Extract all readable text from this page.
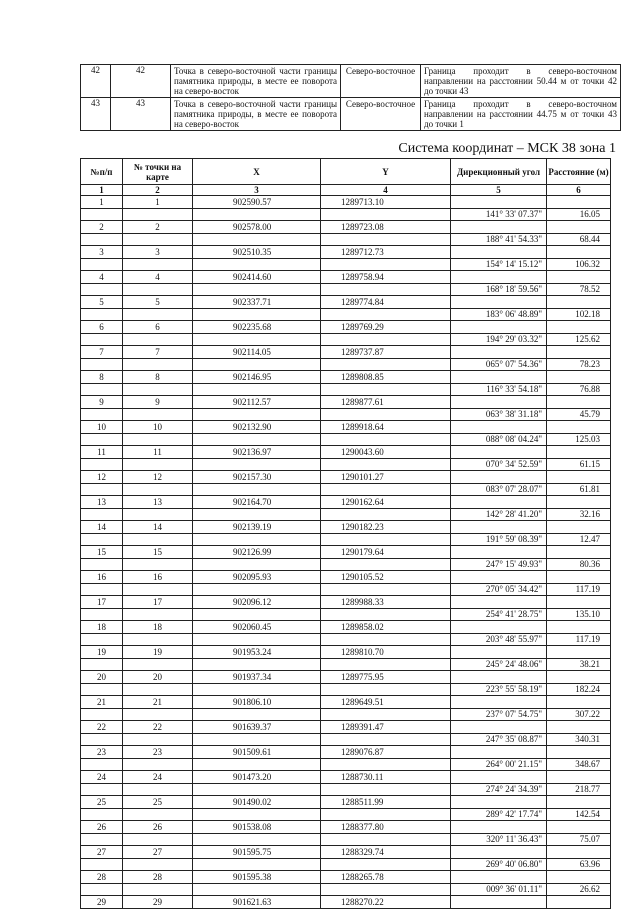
42	42	Точка в северо-восточной части границы памятника природы, в месте ее поворота на северо-восток	Северо-восточное	Граница проходит в северо-восточном направлении на расстоянии 50.44 м от точки 42 до точки 43
43	43	Точка в северо-восточной части границы памятника природы, в месте ее поворота на северо-восток	Северо-восточное	Граница проходит в северо-восточном направлении на расстоянии 44.75 м от точки 43 до точки 1
Система координат – МСК 38 зона 1
№п/п	№ точки на карте	X	Y	Дирекционный угол	Расстояние (м)
1	2	3	4	5	6
1	1	902590.57	1289713.10		
				141° 33' 07.37"	16.05
2	2	902578.00	1289723.08		
				188° 41' 54.33"	68.44
3	3	902510.35	1289712.73		
				154° 14' 15.12"	106.32
4	4	902414.60	1289758.94		
				168° 18' 59.56"	78.52
5	5	902337.71	1289774.84		
				183° 06' 48.89"	102.18
6	6	902235.68	1289769.29		
				194° 29' 03.32"	125.62
7	7	902114.05	1289737.87		
				065° 07' 54.36"	78.23
8	8	902146.95	1289808.85		
				116° 33' 54.18"	76.88
9	9	902112.57	1289877.61		
				063° 38' 31.18"	45.79
10	10	902132.90	1289918.64		
				088° 08' 04.24"	125.03
11	11	902136.97	1290043.60		
				070° 34' 52.59"	61.15
12	12	902157.30	1290101.27		
				083° 07' 28.07"	61.81
13	13	902164.70	1290162.64		
				142° 28' 41.20"	32.16
14	14	902139.19	1290182.23		
				191° 59' 08.39"	12.47
15	15	902126.99	1290179.64		
				247° 15' 49.93"	80.36
16	16	902095.93	1290105.52		
				270° 05' 34.42"	117.19
17	17	902096.12	1289988.33		
				254° 41' 28.75"	135.10
18	18	902060.45	1289858.02		
				203° 48' 55.97"	117.19
19	19	901953.24	1289810.70		
				245° 24' 48.06"	38.21
20	20	901937.34	1289775.95		
				223° 55' 58.19"	182.24
21	21	901806.10	1289649.51		
				237° 07' 54.75"	307.22
22	22	901639.37	1289391.47		
				247° 35' 08.87"	340.31
23	23	901509.61	1289076.87		
				264° 00' 21.15"	348.67
24	24	901473.20	1288730.11		
				274° 24' 34.39"	218.77
25	25	901490.02	1288511.99		
				289° 42' 17.74"	142.54
26	26	901538.08	1288377.80		
				320° 11' 36.43"	75.07
27	27	901595.75	1288329.74		
				269° 40' 06.80"	63.96
28	28	901595.38	1288265.78		
				009° 36' 01.11"	26.62
29	29	901621.63	1288270.22		
